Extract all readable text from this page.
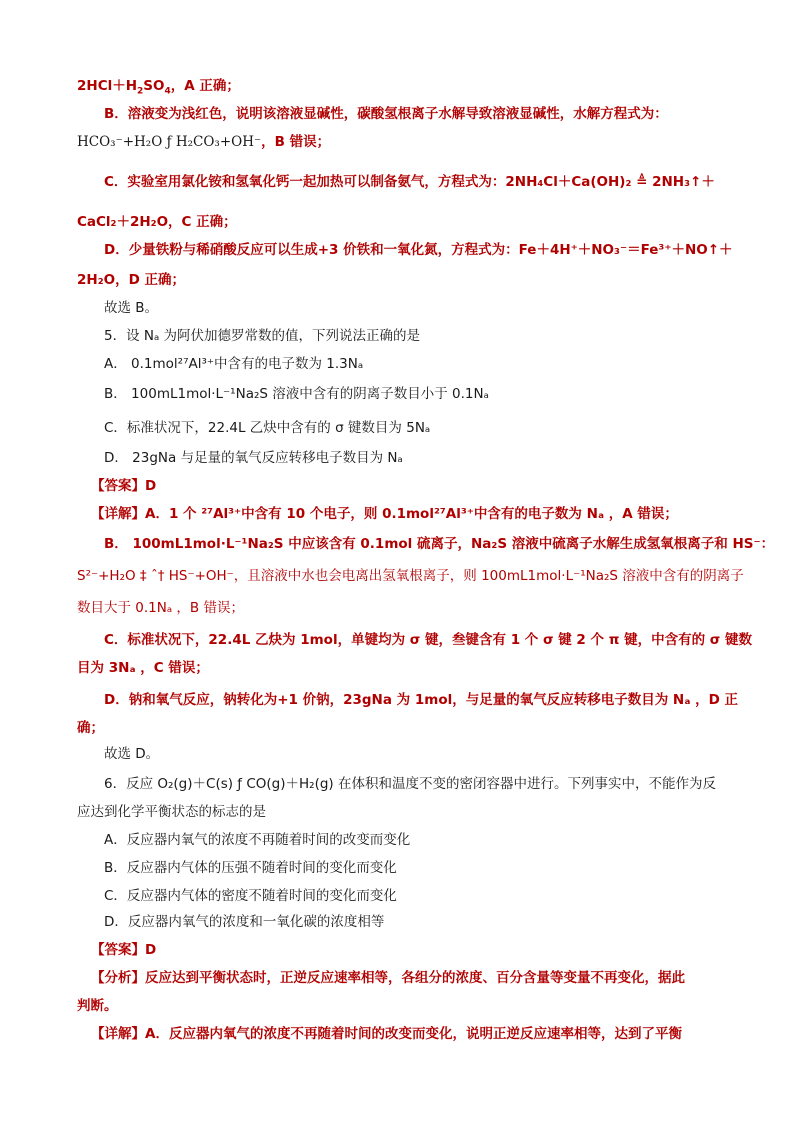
$2HCl+H_2SO_4$，A 正确；
B．溶液变为浅红色，说明该溶液显碱性，碳酸氢根离子水解导致溶液显碱性，水解方程式为：
HCO₃⁻+H₂O ƒ H₂CO₃+OH⁻，B 错误；
C．实验室用氯化铵和氢氧化钙一起加热可以制备氨气，方程式为：2NH₄Cl＋Ca(OH)₂ ≜ 2NH₃↑＋
CaCl₂＋2H₂O，C 正确；
D．少量铁粉与稀硝酸反应可以生成+3 价铁和一氧化氮，方程式为：Fe＋4H⁺＋NO₃⁻＝Fe³⁺＋NO↑＋
2H₂O，D 正确；
故选 B。
5．设 Nₐ 为阿伏加德罗常数的值，下列说法正确的是
A． 0.1mol²⁷Al³⁺中含有的电子数为 1.3Nₐ
B． 100mL1mol·L⁻¹Na₂S 溶液中含有的阴离子数目小于 0.1Nₐ
C．标准状况下，22.4L 乙炔中含有的 σ 键数目为 5Nₐ
D． 23gNa 与足量的氧气反应转移电子数目为 Nₐ
【答案】D
【详解】A．1 个 ²⁷Al³⁺中含有 10 个电子，则 0.1mol²⁷Al³⁺中含有的电子数为 Nₐ ，A 错误；
B． 100mL1mol·L⁻¹Na₂S 中应该含有 0.1mol 硫离子，Na₂S 溶液中硫离子水解生成氢氧根离子和 HS⁻：
S²⁻+H₂O ‡ ˆ† HS⁻+OH⁻，且溶液中水也会电离出氢氧根离子，则 100mL1mol·L⁻¹Na₂S 溶液中含有的阴离子
数目大于 0.1Nₐ ，B 错误；
C．标准状况下，22.4L 乙炔为 1mol，单键均为 σ 键，叁键含有 1 个 σ 键 2 个 π 键，中含有的 σ 键数
目为 3Nₐ ，C 错误；
D．钠和氧气反应，钠转化为+1 价钠，23gNa 为 1mol，与足量的氧气反应转移电子数目为 Nₐ ，D 正
确；
故选 D。
6．反应 O₂(g)＋C(s) ƒ CO(g)＋H₂(g) 在体积和温度不变的密闭容器中进行。下列事实中，不能作为反
应达到化学平衡状态的标志的是
A．反应器内氧气的浓度不再随着时间的改变而变化
B．反应器内气体的压强不随着时间的变化而变化
C．反应器内气体的密度不随着时间的变化而变化
D．反应器内氧气的浓度和一氧化碳的浓度相等
【答案】D
【分析】反应达到平衡状态时，正逆反应速率相等，各组分的浓度、百分含量等变量不再变化，据此
判断。
【详解】A．反应器内氧气的浓度不再随着时间的改变而变化，说明正逆反应速率相等，达到了平衡
